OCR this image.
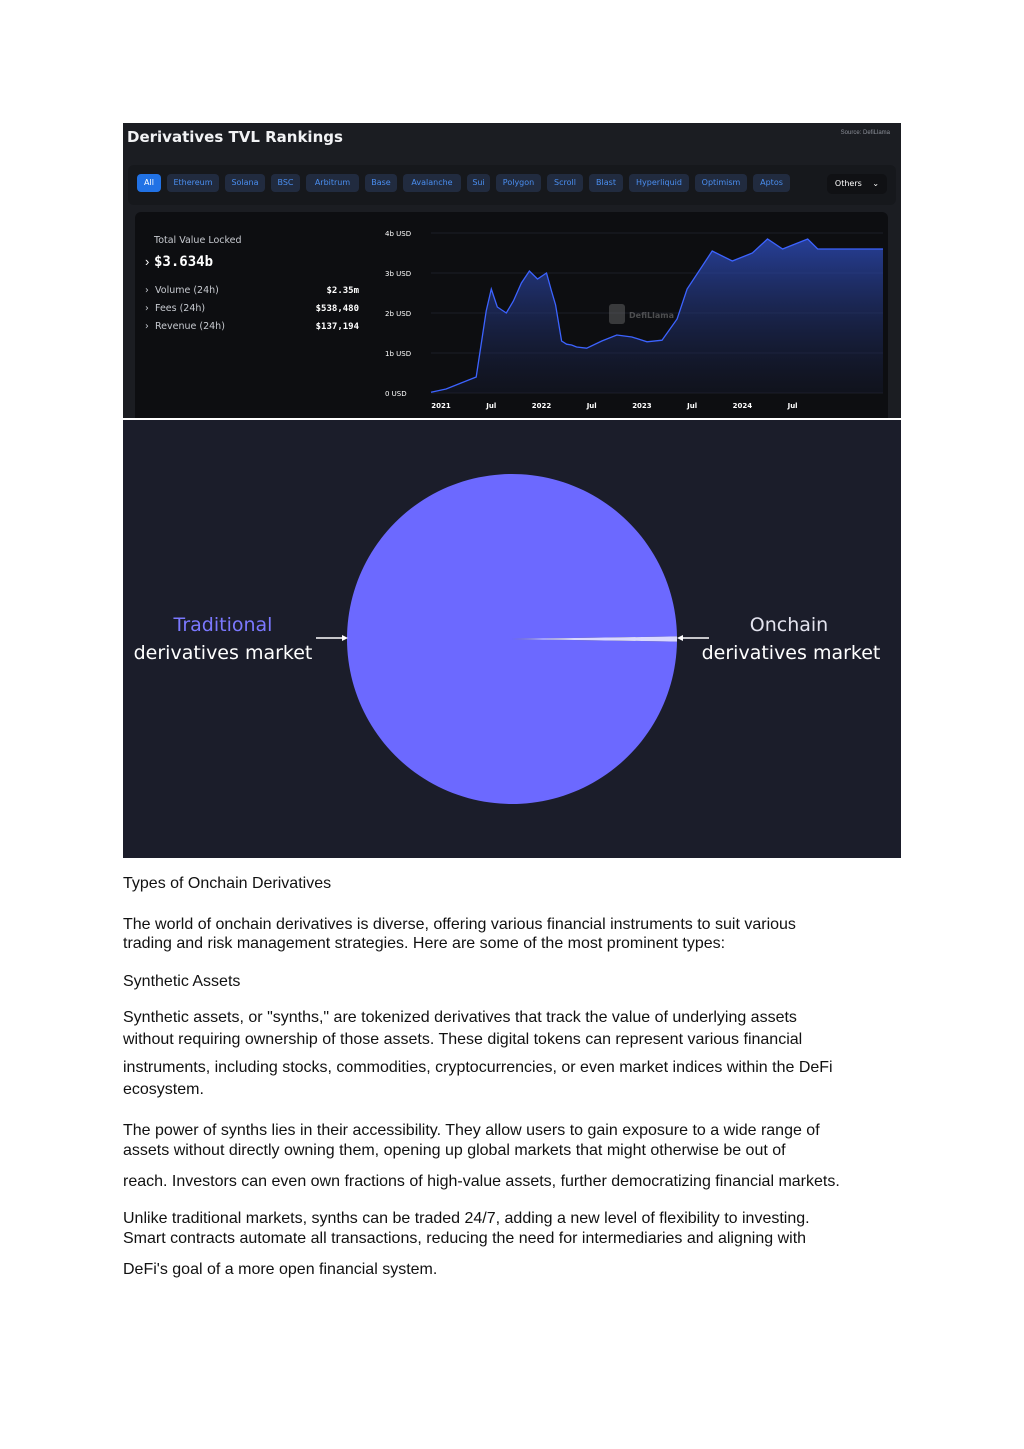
Derivatives TVL Rankings	Source: DefiLlama
All	Ethereum	Solana	BSC	Arbitrum	Base	Avalanche	Sui	Polygon	Scroll	Blast	Hyperliquid	Optimism	Aptos	Others ⌄
Total Value Locked
› $3.634b
› Volume (24h)	$2.35m
› Fees (24h)	$538,480
› Revenue (24h)	$137,194
4b USD
3b USD
2b USD
1b USD
0 USD
2021	Jul	2022	Jul	2023	Jul	2024	Jul
DefiLlama
Traditional
derivatives market
Onchain
derivatives market
Types of Onchain Derivatives
The world of onchain derivatives is diverse, offering various financial instruments to suit various
trading and risk management strategies. Here are some of the most prominent types:
Synthetic Assets
Synthetic assets, or "synths," are tokenized derivatives that track the value of underlying assets
without requiring ownership of those assets. These digital tokens can represent various financial
instruments, including stocks, commodities, cryptocurrencies, or even market indices within the DeFi
ecosystem.
The power of synths lies in their accessibility. They allow users to gain exposure to a wide range of
assets without directly owning them, opening up global markets that might otherwise be out of
reach. Investors can even own fractions of high-value assets, further democratizing financial markets.
Unlike traditional markets, synths can be traded 24/7, adding a new level of flexibility to investing.
Smart contracts automate all transactions, reducing the need for intermediaries and aligning with
DeFi's goal of a more open financial system.
